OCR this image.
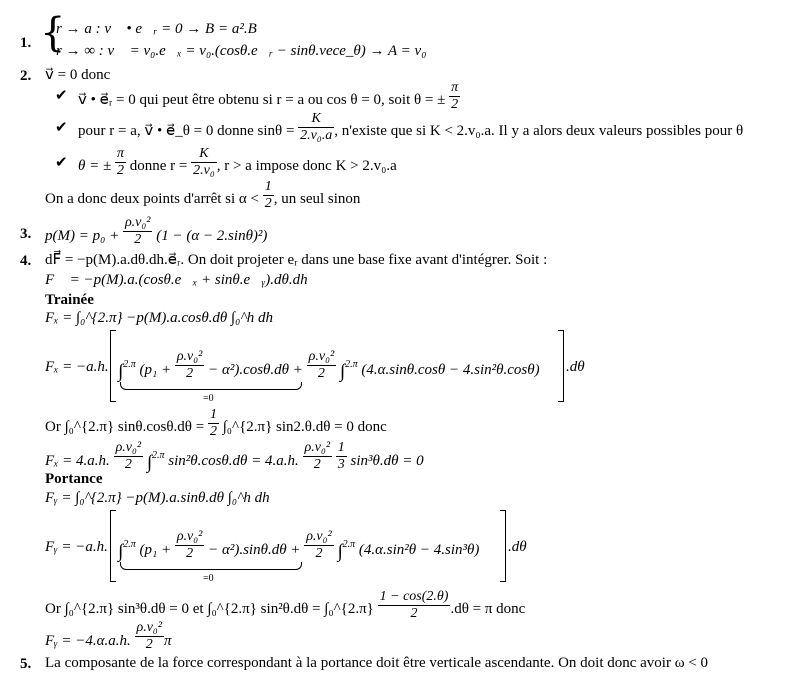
1. {
r → a : v⃗ • e⃗ᵣ = 0 → B = a².B
r → ∞ : v⃗ = v₀.e⃗ₓ = v₀.(cosθ.e⃗ᵣ − sinθ.vece_θ) → A = v₀
2. v⃗ = 0 donc
✔ v⃗ • e⃗ᵣ = 0 qui peut être obtenu si r = a ou cos θ = 0, soit θ = ± $\frac{\pi}{2}$
✔ pour r = a, v⃗ • e⃗_θ = 0 donne $\sin\theta = \frac{K}{\text{2.v₀.a}}$ , n'existe que si K < 2.v₀.a. Il y a alors deux valeurs possibles pour θ
✔ θ = ± $\frac{\pi}{2}$ donne $r = \frac{K}{\text{2.v₀}}$ , r > a impose donc K > 2.v₀.a
On a donc deux points d'arrêt si $\alpha < \frac{1}{2}$ , un seul sinon
3. $p(M) = p_0 + \frac{\text{ρ.v₀²}}{2} (1 - (\alpha - 2.\sin\theta)^2)$
4. dF⃗ = −p(M).a.dθ.dh.e⃗ᵣ. On doit projeter eᵣ dans une base fixe avant d'intégrer. Soit :
F⃗ = −p(M).a.(cosθ.e⃗ₓ + sinθ.e⃗ᵧ).dθ.dh
Trainée
Fₓ = ∫₀^{2.π} −p(M).a.cosθ.dθ ∫₀^h dh
Fₓ = −a.h. ∫2.π $(p_1 + \frac{\text{ρ.v₀²}}{2} - \alpha^2).\cos\theta.d\theta + \frac{\text{ρ.v₀²}}{2} \int 2.\pi$ (4.α.sinθ.cosθ − 4.sin²θ.cosθ)
=0
.dθ
Or ∫₀^{2.π} $\sin\theta.\cos\theta.d\theta = \frac{1}{2}$ ∫₀^{2.π} sin2.θ.dθ = 0 donc
Fₓ = 4.a.h. $\frac{\text{ρ.v₀²}}{2} \int 2.\pi$ sin²θ.cosθ.dθ = 4.a.h. $\frac{\text{ρ.v₀²}}{2}$
$\frac{1}{3} \sin^3\theta.d\theta = 0$
Portance
Fᵧ = ∫₀^{2.π} −p(M).a.sinθ.dθ ∫₀^h dh
Fᵧ = −a.h. ∫2.π $(p_1 + \frac{\text{ρ.v₀²}}{2} - \alpha^2).\sin\theta.d\theta + \frac{\text{ρ.v₀²}}{2} \int 2.\pi$ (4.α.sin²θ − 4.sin³θ)
=0
.dθ
Or ∫₀^{2.π} sin³θ.dθ = 0 et ∫₀^{2.π} sin²θ.dθ = ∫₀^{2.π} $\frac{1 - \cos(2.\theta)}{2} .d\theta = \pi$ donc
Fᵧ = −4.α.a.h. $\frac{\text{ρ.v₀²}}{2}$ π
5. La composante de la force correspondant à la portance doit être verticale ascendante. On doit donc avoir ω < 0
